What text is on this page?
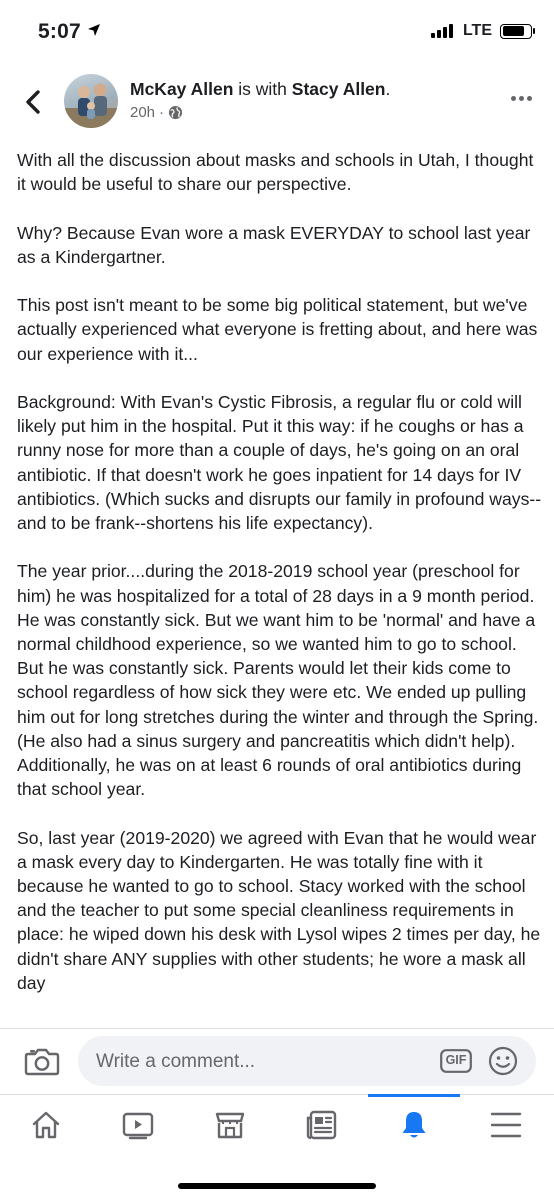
5:07	LTE
McKay Allen is with Stacy Allen.
20h ·

With all the discussion about masks and schools in Utah, I thought it would be useful to share our perspective.

Why? Because Evan wore a mask EVERYDAY to school last year as a Kindergartner.

This post isn't meant to be some big political statement, but we've actually experienced what everyone is fretting about, and here was our experience with it...

Background: With Evan's Cystic Fibrosis, a regular flu or cold will likely put him in the hospital. Put it this way: if he coughs or has a runny nose for more than a couple of days, he's going on an oral antibiotic. If that doesn't work he goes inpatient for 14 days for IV antibiotics. (Which sucks and disrupts our family in profound ways--and to be frank--shortens his life expectancy).

The year prior....during the 2018-2019 school year (preschool for him) he was hospitalized for a total of 28 days in a 9 month period. He was constantly sick. But we want him to be 'normal' and have a normal childhood experience, so we wanted him to go to school. But he was constantly sick. Parents would let their kids come to school regardless of how sick they were etc. We ended up pulling him out for long stretches during the winter and through the Spring. (He also had a sinus surgery and pancreatitis which didn't help). Additionally, he was on at least 6 rounds of oral antibiotics during that school year.

So, last year (2019-2020) we agreed with Evan that he would wear a mask every day to Kindergarten. He was totally fine with it because he wanted to go to school. Stacy worked with the school and the teacher to put some special cleanliness requirements in place: he wiped down his desk with Lysol wipes 2 times per day, he didn't share ANY supplies with other students; he wore a mask all day

Write a comment...
GIF
